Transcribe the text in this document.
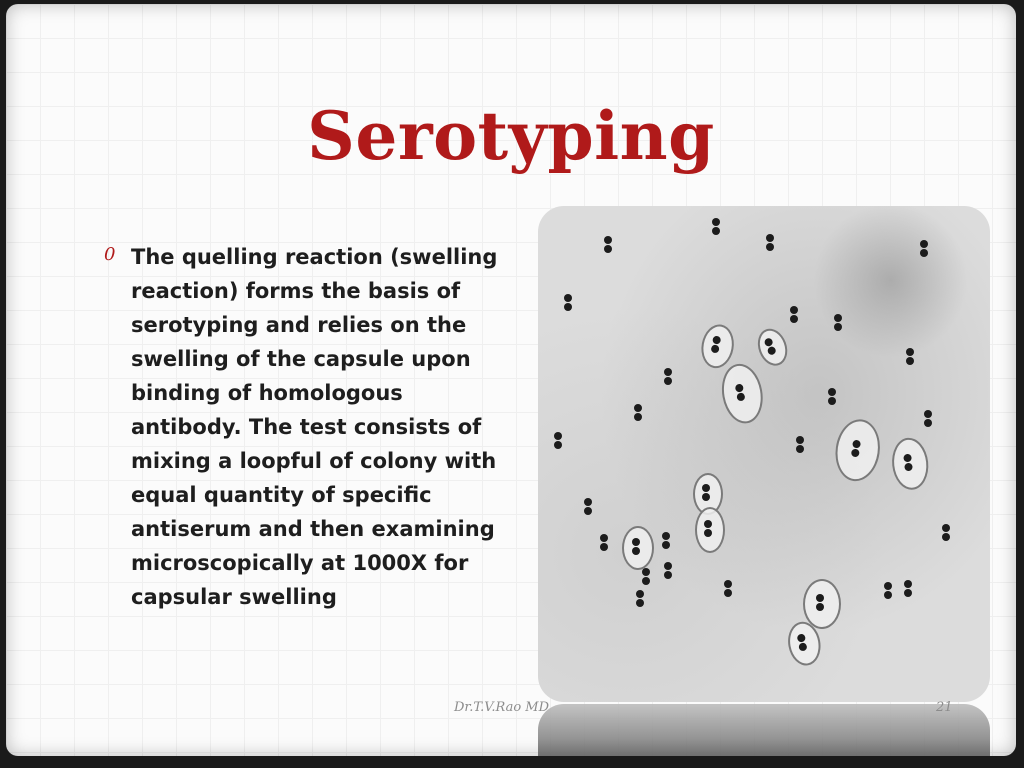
Serotyping
0 The quelling reaction (swelling reaction) forms the basis of serotyping and relies on the swelling of the capsule upon binding of homologous antibody. The test consists of mixing a loopful of colony with equal quantity of specific antiserum and then examining microscopically at 1000X for capsular swelling
Dr.T.V.Rao MD	21
